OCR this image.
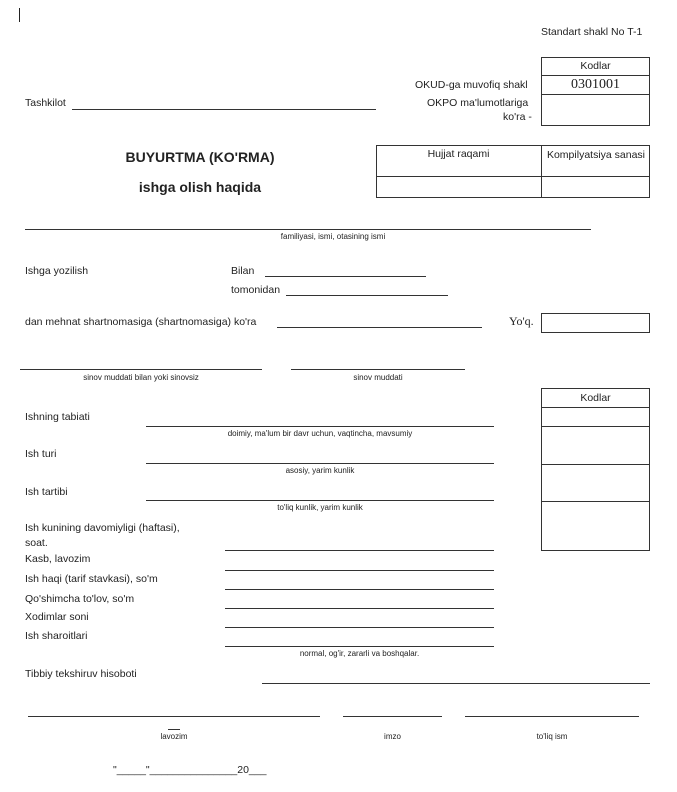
Standart shakl No T-1
Kodlar
0301001
OKUD-ga muvofiq shakl
OKPO ma'lumotlariga
ko'ra -
Tashkilot
BUYURTMA (KO'RMA)
ishga olish haqida
Hujjat raqami	Kompilyatsiya sanasi
familiyasi, ismi, otasining ismi
Ishga yozilish	Bilan
tomonidan
dan mehnat shartnomasiga (shartnomasiga) ko'ra	Yo'q.
sinov muddati bilan yoki sinovsiz	sinov muddati
Kodlar
Ishning tabiati
doimiy, ma'lum bir davr uchun, vaqtincha, mavsumiy
Ish turi
asosiy, yarim kunlik
Ish tartibi
to'liq kunlik, yarim kunlik
Ish kunining davomiyligi (haftasi),
soat.
Kasb, lavozim
Ish haqi (tarif stavkasi), so'm
Qo'shimcha to'lov, so'm
Xodimlar soni
Ish sharoitlari
normal, og'ir, zararli va boshqalar.
Tibbiy tekshiruv hisoboti
lavozim	imzo	to'liq ism
"_____"_______________20___
